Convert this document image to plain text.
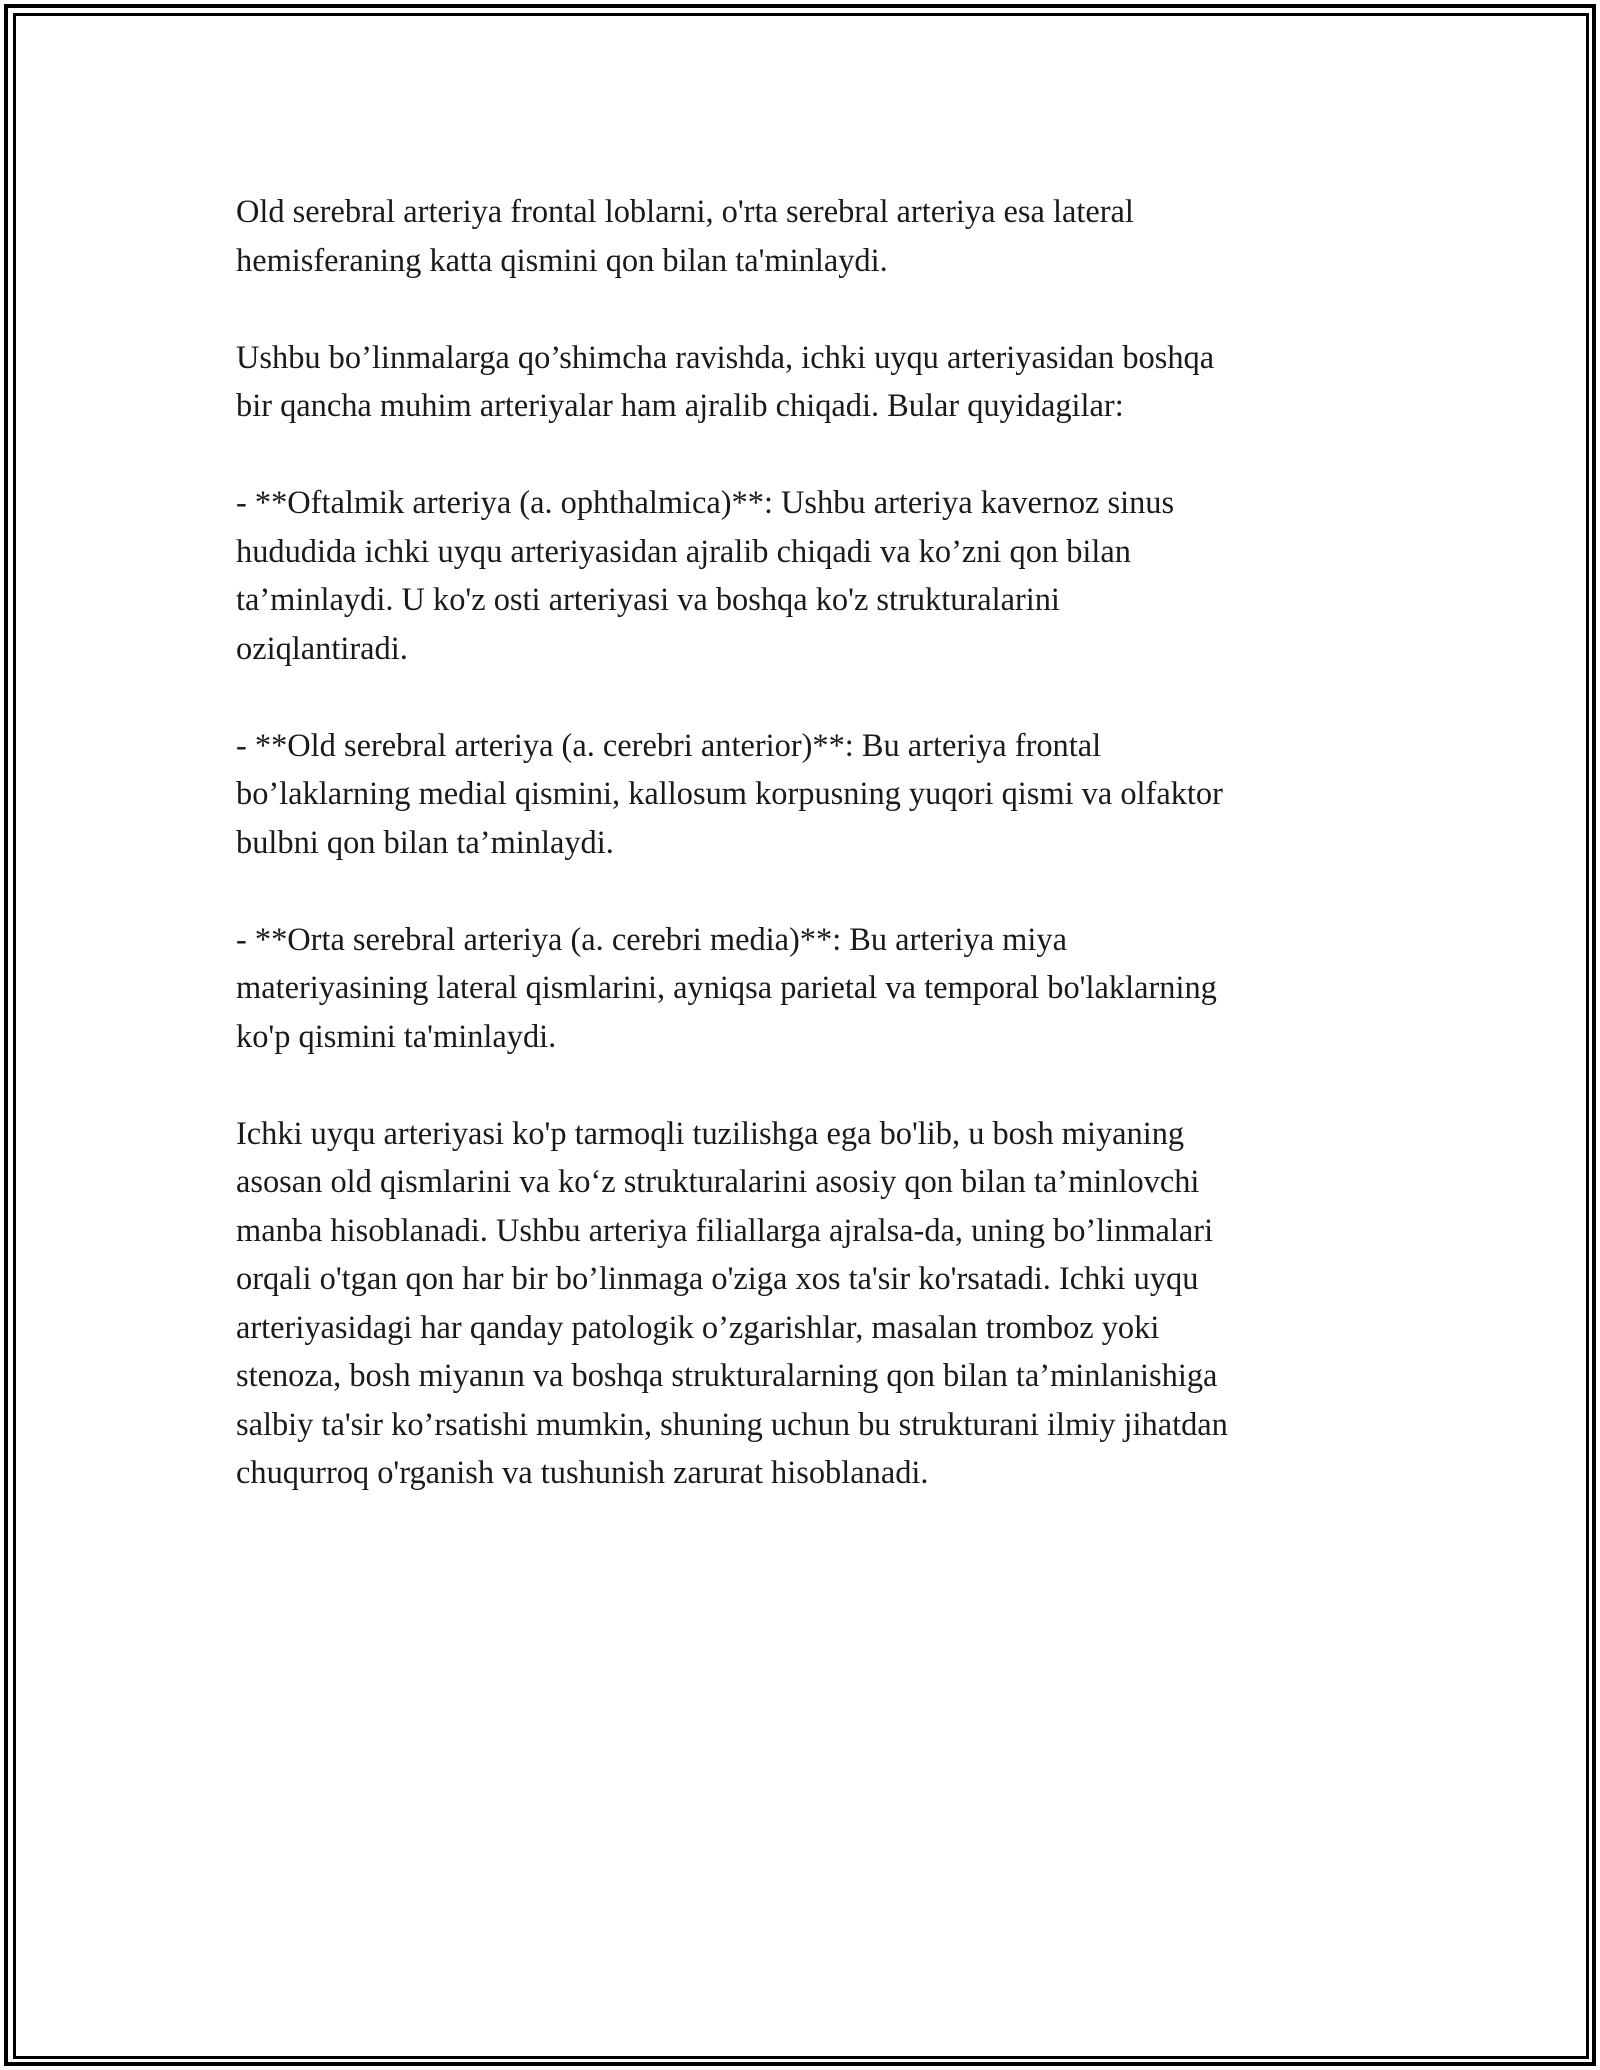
Old serebral arteriya frontal loblarni, o'rta serebral arteriya esa lateral
hemisferaning katta qismini qon bilan ta'minlaydi.

Ushbu bo’linmalarga qo’shimcha ravishda, ichki uyqu arteriyasidan boshqa
bir qancha muhim arteriyalar ham ajralib chiqadi. Bular quyidagilar:

- **Oftalmik arteriya (a. ophthalmica)**: Ushbu arteriya kavernoz sinus
hududida ichki uyqu arteriyasidan ajralib chiqadi va ko’zni qon bilan
ta’minlaydi. U ko'z osti arteriyasi va boshqa ko'z strukturalarini
oziqlantiradi.

- **Old serebral arteriya (a. cerebri anterior)**: Bu arteriya frontal
bo’laklarning medial qismini, kallosum korpusning yuqori qismi va olfaktor
bulbni qon bilan ta’minlaydi.

- **Orta serebral arteriya (a. cerebri media)**: Bu arteriya miya
materiyasining lateral qismlarini, ayniqsa parietal va temporal bo'laklarning
ko'p qismini ta'minlaydi.

Ichki uyqu arteriyasi ko'p tarmoqli tuzilishga ega bo'lib, u bosh miyaning
asosan old qismlarini va ko‘z strukturalarini asosiy qon bilan ta’minlovchi
manba hisoblanadi. Ushbu arteriya filiallarga ajralsa-da, uning bo’linmalari
orqali o'tgan qon har bir bo’linmaga o'ziga xos ta'sir ko'rsatadi. Ichki uyqu
arteriyasidagi har qanday patologik o’zgarishlar, masalan tromboz yoki
stenoza, bosh miyanın va boshqa strukturalarning qon bilan ta’minlanishiga
salbiy ta'sir ko’rsatishi mumkin, shuning uchun bu strukturani ilmiy jihatdan
chuqurroq o'rganish va tushunish zarurat hisoblanadi.
